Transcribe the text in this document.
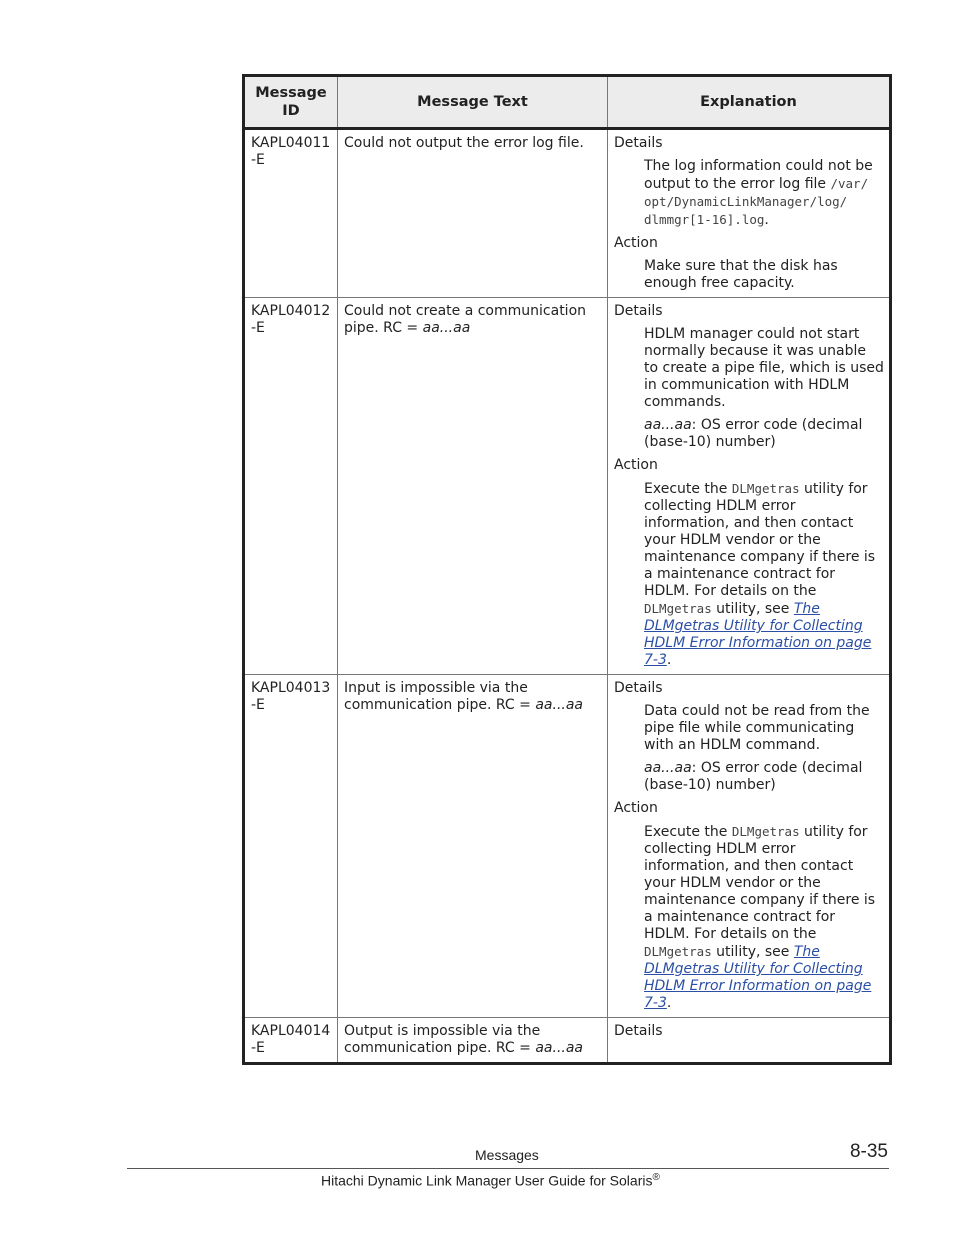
Message ID	Message Text	Explanation
KAPL04011 -E	Could not output the error log file.	Details
The log information could not be output to the error log file /var/ opt/DynamicLinkManager/log/ dlmmgr[1-16].log.
Action
Make sure that the disk has enough free capacity.

KAPL04012 -E	Could not create a communication pipe. RC = aa...aa	Details
HDLM manager could not start normally because it was unable to create a pipe file, which is used in communication with HDLM commands.
aa...aa: OS error code (decimal (base-10) number)
Action
Execute the DLMgetras utility for collecting HDLM error information, and then contact your HDLM vendor or the maintenance company if there is a maintenance contract for HDLM. For details on the DLMgetras utility, see The DLMgetras Utility for Collecting HDLM Error Information on page 7-3.

KAPL04013 -E	Input is impossible via the communication pipe. RC = aa...aa	Details
Data could not be read from the pipe file while communicating with an HDLM command.
aa...aa: OS error code (decimal (base-10) number)
Action
Execute the DLMgetras utility for collecting HDLM error information, and then contact your HDLM vendor or the maintenance company if there is a maintenance contract for HDLM. For details on the DLMgetras utility, see The DLMgetras Utility for Collecting HDLM Error Information on page 7-3.

KAPL04014 -E	Output is impossible via the communication pipe. RC = aa...aa	Details
Messages	8-35
Hitachi Dynamic Link Manager User Guide for Solaris®
